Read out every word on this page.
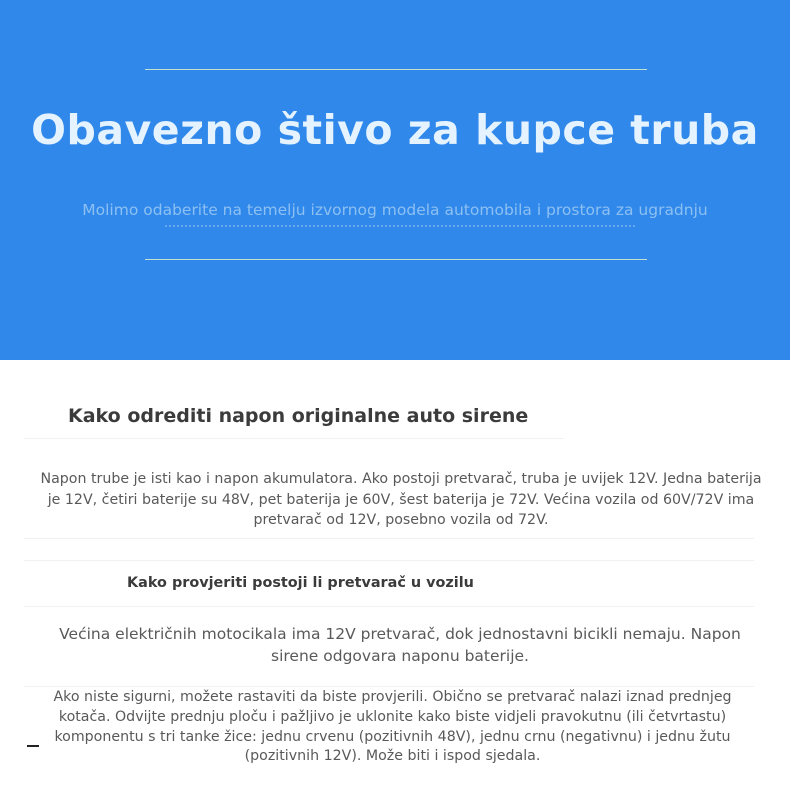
Obavezno štivo za kupce truba
Molimo odaberite na temelju izvornog modela automobila i prostora za ugradnju
Kako odrediti napon originalne auto sirene

Napon trube je isti kao i napon akumulatora. Ako postoji pretvarač, truba je uvijek 12V. Jedna baterija je 12V, četiri baterije su 48V, pet baterija je 60V, šest baterija je 72V. Većina vozila od 60V/72V ima pretvarač od 12V, posebno vozila od 72V.

Kako provjeriti postoji li pretvarač u vozilu

Većina električnih motocikala ima 12V pretvarač, dok jednostavni bicikli nemaju. Napon sirene odgovara naponu baterije.

Ako niste sigurni, možete rastaviti da biste provjerili. Obično se pretvarač nalazi iznad prednjeg kotača. Odvijte prednju ploču i pažljivo je uklonite kako biste vidjeli pravokutnu (ili četvrtastu) komponentu s tri tanke žice: jednu crvenu (pozitivnih 48V), jednu crnu (negativnu) i jednu žutu (pozitivnih 12V). Može biti i ispod sjedala.
